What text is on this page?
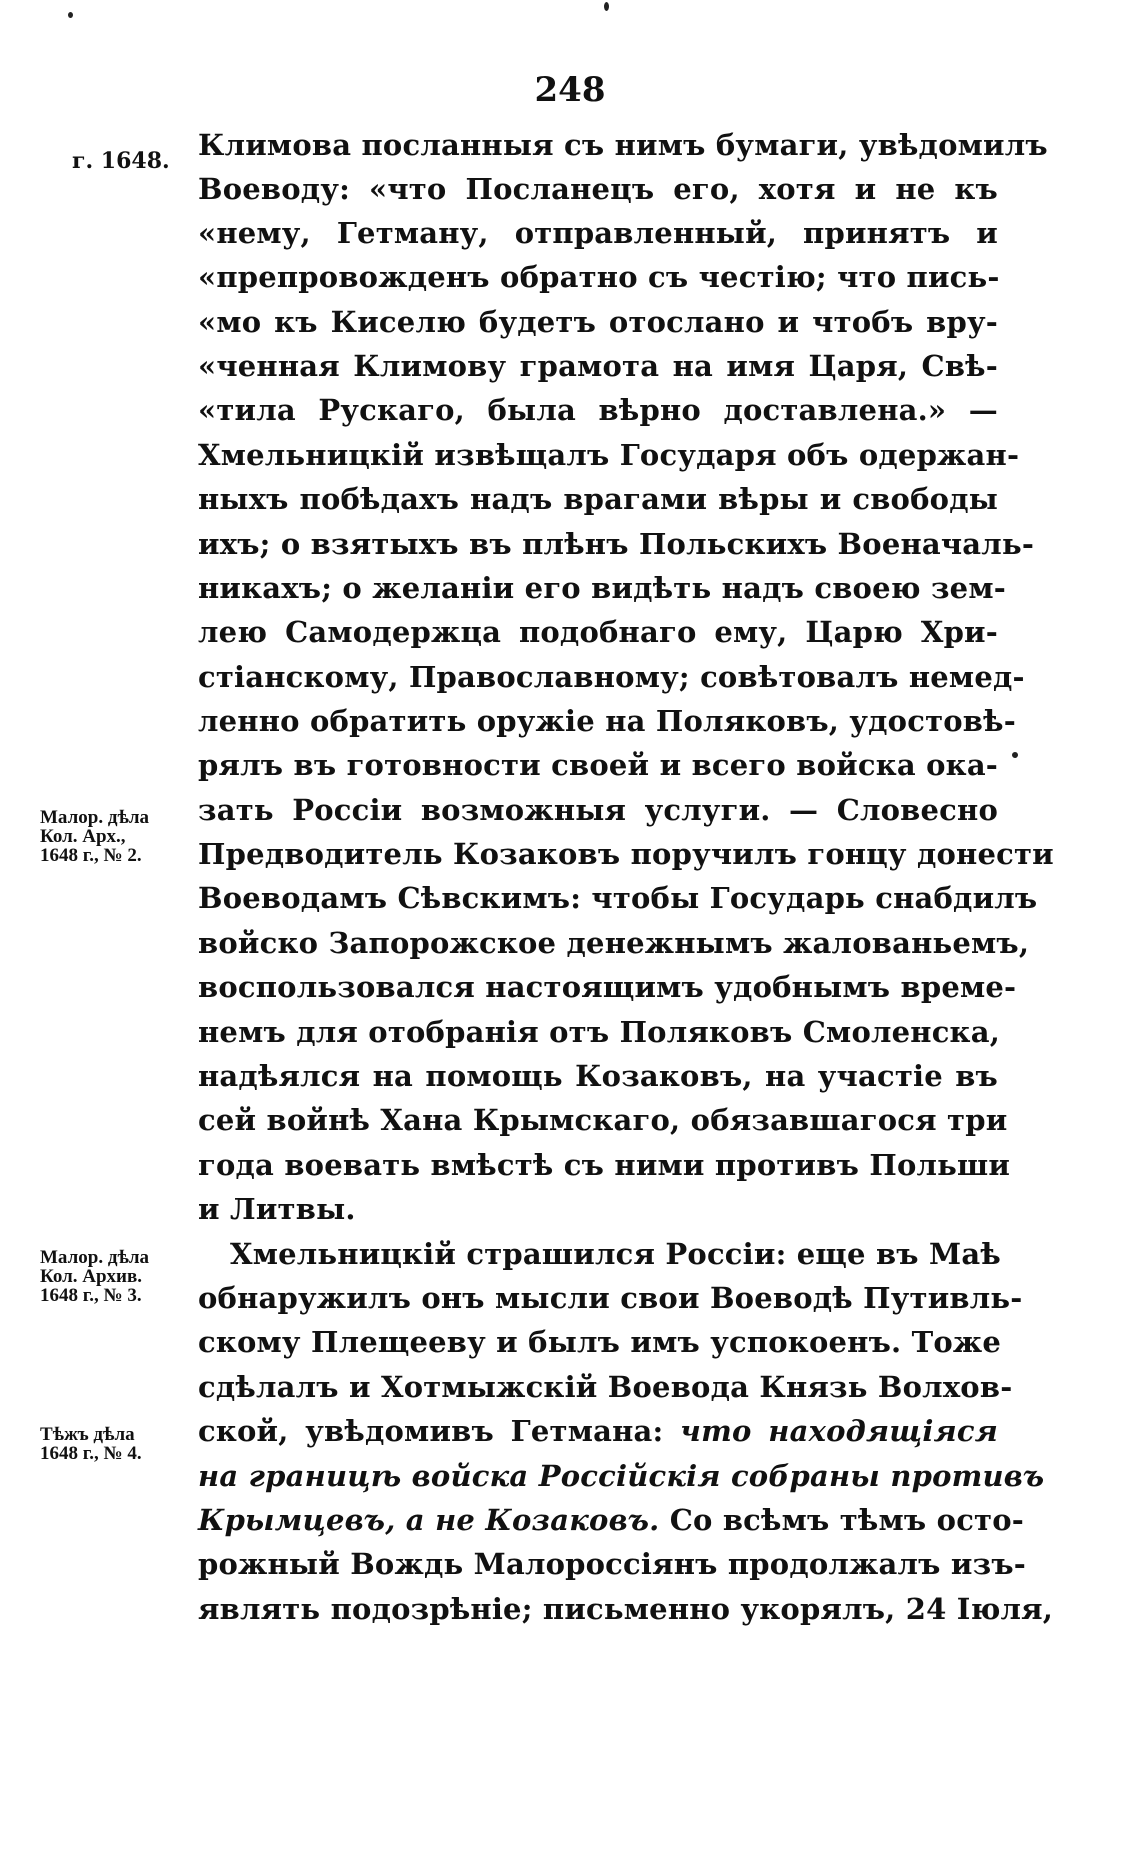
248
г. 1648. Климова посланныя съ нимъ бумаги, увѣдомилъ
Воеводу: «что Посланецъ его, хотя и не къ
«нему, Гетману, отправленный, принятъ и
«препровожденъ обратно съ честію; что пись-
«мо къ Киселю будетъ отослано и чтобъ вру-
«ченная Климову грамота на имя Царя, Свѣ-
«тила Рускаго, была вѣрно доставлена.» —
Хмельницкій извѣщалъ Государя объ одержан-
ныхъ побѣдахъ надъ врагами вѣры и свободы
ихъ; о взятыхъ въ плѣнъ Польскихъ Военачаль-
никахъ; о желаніи его видѣть надъ своею зем-
лею Самодержца подобнаго ему, Царю Хри-
стіанскому, Православному; совѣтовалъ немед-
ленно обратить оружіе на Поляковъ, удостовѣ-
рялъ въ готовности своей и всего войска ока-
зать Россіи возможныя услуги. — Словесно
Предводитель Козаковъ поручилъ гонцу донести
Воеводамъ Сѣвскимъ: чтобы Государь снабдилъ
войско Запорожское денежнымъ жалованьемъ,
воспользовался настоящимъ удобнымъ време-
немъ для отобранія отъ Поляковъ Смоленска,
надѣялся на помощь Козаковъ, на участіе въ
сей войнѣ Хана Крымскаго, обязавшагося три
года воевать вмѣстѣ съ ними противъ Польши
и Литвы.
Хмельницкій страшился Россіи: еще въ Маѣ
обнаружилъ онъ мысли свои Воеводѣ Путивль-
скому Плещееву и былъ имъ успокоенъ. Тоже
сдѣлалъ и Хотмыжскій Воевода Князь Волхов-
ской, увѣдомивъ Гетмана: что находящіяся
на границѣ войска Россійскія собраны противъ
Крымцевъ, а не Козаковъ. Со всѣмъ тѣмъ осто-
рожный Вождь Малороссіянъ продолжалъ изъ-
являть подозрѣніе; письменно укорялъ, 24 Іюля,
Малор. дѣла
Кол. Арх.,
1648 г., № 2.
Малор. дѣла
Кол. Архив.
1648 г., № 3.
Тѣжъ дѣла
1648 г., № 4.
